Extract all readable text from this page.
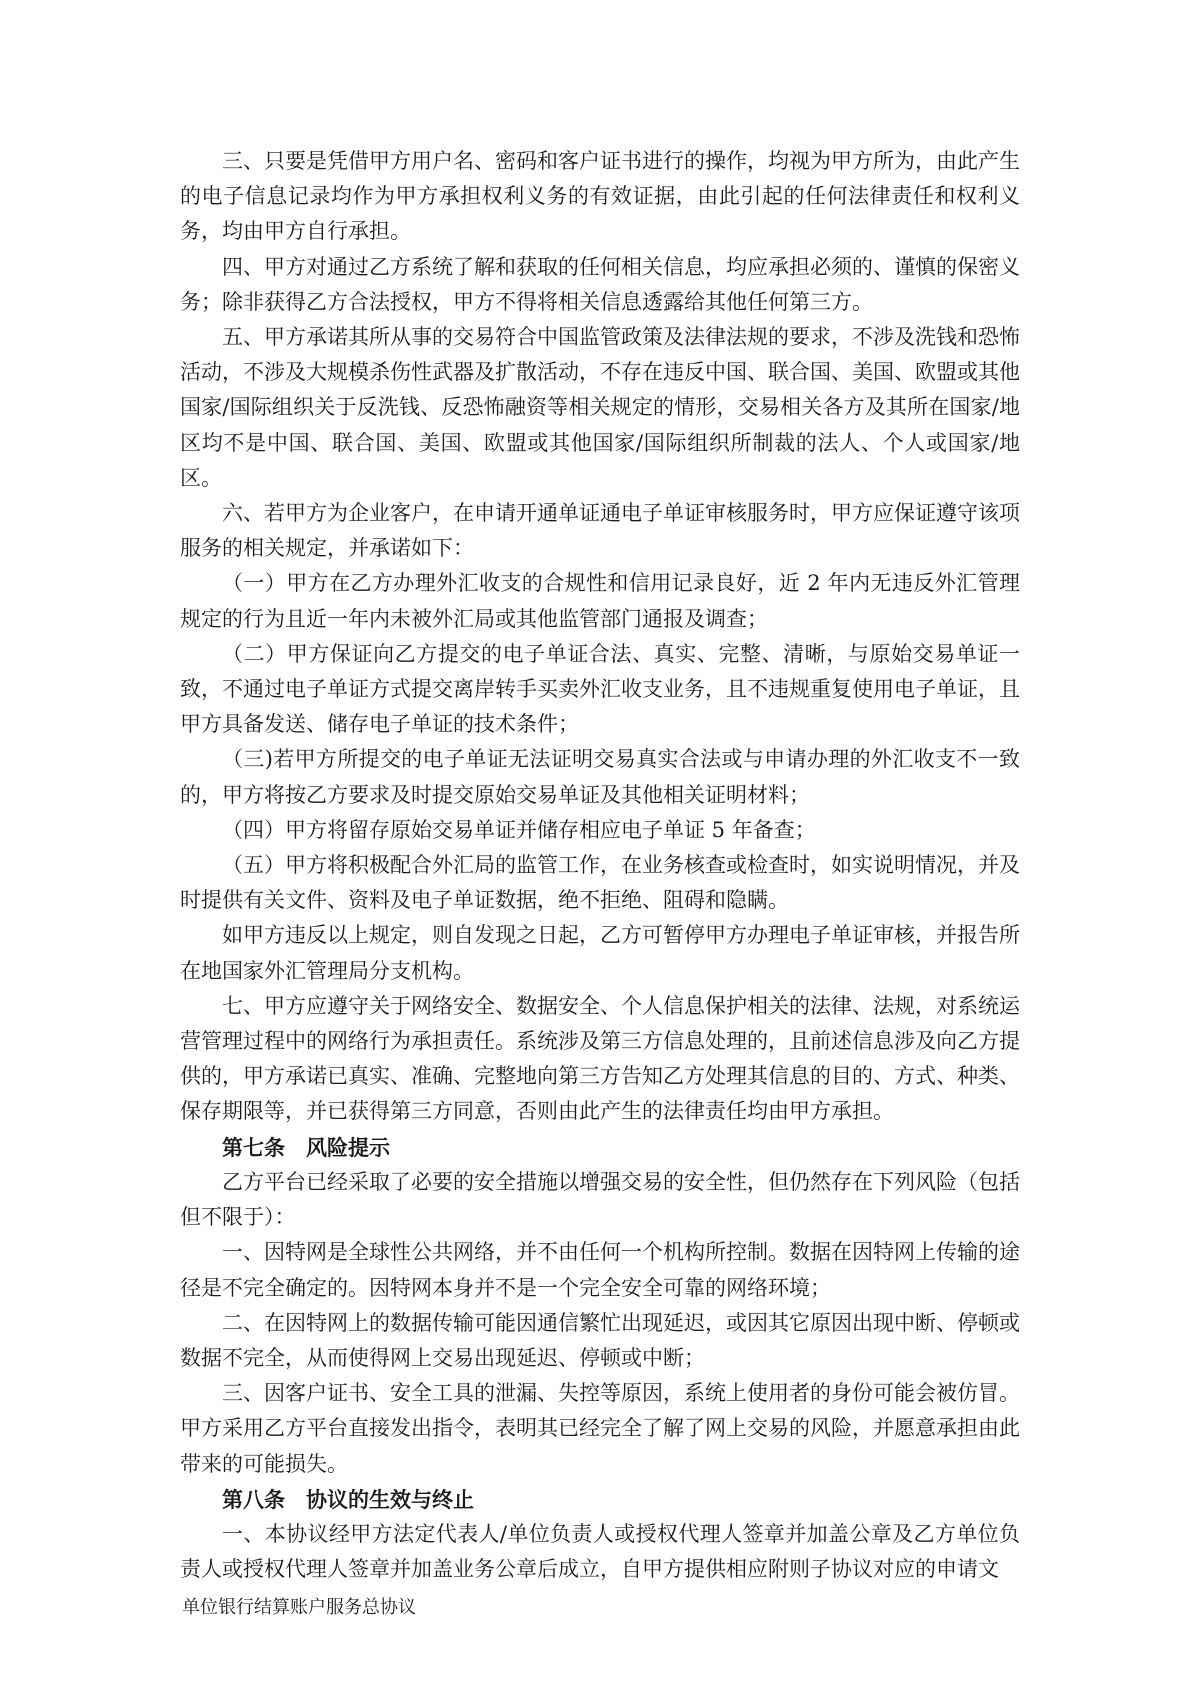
三、只要是凭借甲方用户名、密码和客户证书进行的操作，均视为甲方所为，由此产生的电子信息记录均作为甲方承担权利义务的有效证据，由此引起的任何法律责任和权利义务，均由甲方自行承担。

四、甲方对通过乙方系统了解和获取的任何相关信息，均应承担必须的、谨慎的保密义务；除非获得乙方合法授权，甲方不得将相关信息透露给其他任何第三方。

五、甲方承诺其所从事的交易符合中国监管政策及法律法规的要求，不涉及洗钱和恐怖活动，不涉及大规模杀伤性武器及扩散活动，不存在违反中国、联合国、美国、欧盟或其他国家/国际组织关于反洗钱、反恐怖融资等相关规定的情形，交易相关各方及其所在国家/地区均不是中国、联合国、美国、欧盟或其他国家/国际组织所制裁的法人、个人或国家/地区。

六、若甲方为企业客户，在申请开通单证通电子单证审核服务时，甲方应保证遵守该项服务的相关规定，并承诺如下：

（一）甲方在乙方办理外汇收支的合规性和信用记录良好，近 2 年内无违反外汇管理规定的行为且近一年内未被外汇局或其他监管部门通报及调查；

（二）甲方保证向乙方提交的电子单证合法、真实、完整、清晰，与原始交易单证一致，不通过电子单证方式提交离岸转手买卖外汇收支业务，且不违规重复使用电子单证，且甲方具备发送、储存电子单证的技术条件；

（三)若甲方所提交的电子单证无法证明交易真实合法或与申请办理的外汇收支不一致的，甲方将按乙方要求及时提交原始交易单证及其他相关证明材料；

（四）甲方将留存原始交易单证并储存相应电子单证 5 年备查；

（五）甲方将积极配合外汇局的监管工作，在业务核查或检查时，如实说明情况，并及时提供有关文件、资料及电子单证数据，绝不拒绝、阻碍和隐瞒。

如甲方违反以上规定，则自发现之日起，乙方可暂停甲方办理电子单证审核，并报告所在地国家外汇管理局分支机构。

七、甲方应遵守关于网络安全、数据安全、个人信息保护相关的法律、法规，对系统运营管理过程中的网络行为承担责任。系统涉及第三方信息处理的，且前述信息涉及向乙方提供的，甲方承诺已真实、准确、完整地向第三方告知乙方处理其信息的目的、方式、种类、保存期限等，并已获得第三方同意，否则由此产生的法律责任均由甲方承担。

第七条　风险提示

乙方平台已经采取了必要的安全措施以增强交易的安全性，但仍然存在下列风险（包括但不限于）：

一、因特网是全球性公共网络，并不由任何一个机构所控制。数据在因特网上传输的途径是不完全确定的。因特网本身并不是一个完全安全可靠的网络环境；

二、在因特网上的数据传输可能因通信繁忙出现延迟，或因其它原因出现中断、停顿或数据不完全，从而使得网上交易出现延迟、停顿或中断；

三、因客户证书、安全工具的泄漏、失控等原因，系统上使用者的身份可能会被仿冒。甲方采用乙方平台直接发出指令，表明其已经完全了解了网上交易的风险，并愿意承担由此带来的可能损失。

第八条　协议的生效与终止

一、本协议经甲方法定代表人/单位负责人或授权代理人签章并加盖公章及乙方单位负责人或授权代理人签章并加盖业务公章后成立，自甲方提供相应附则子协议对应的申请文

单位银行结算账户服务总协议
